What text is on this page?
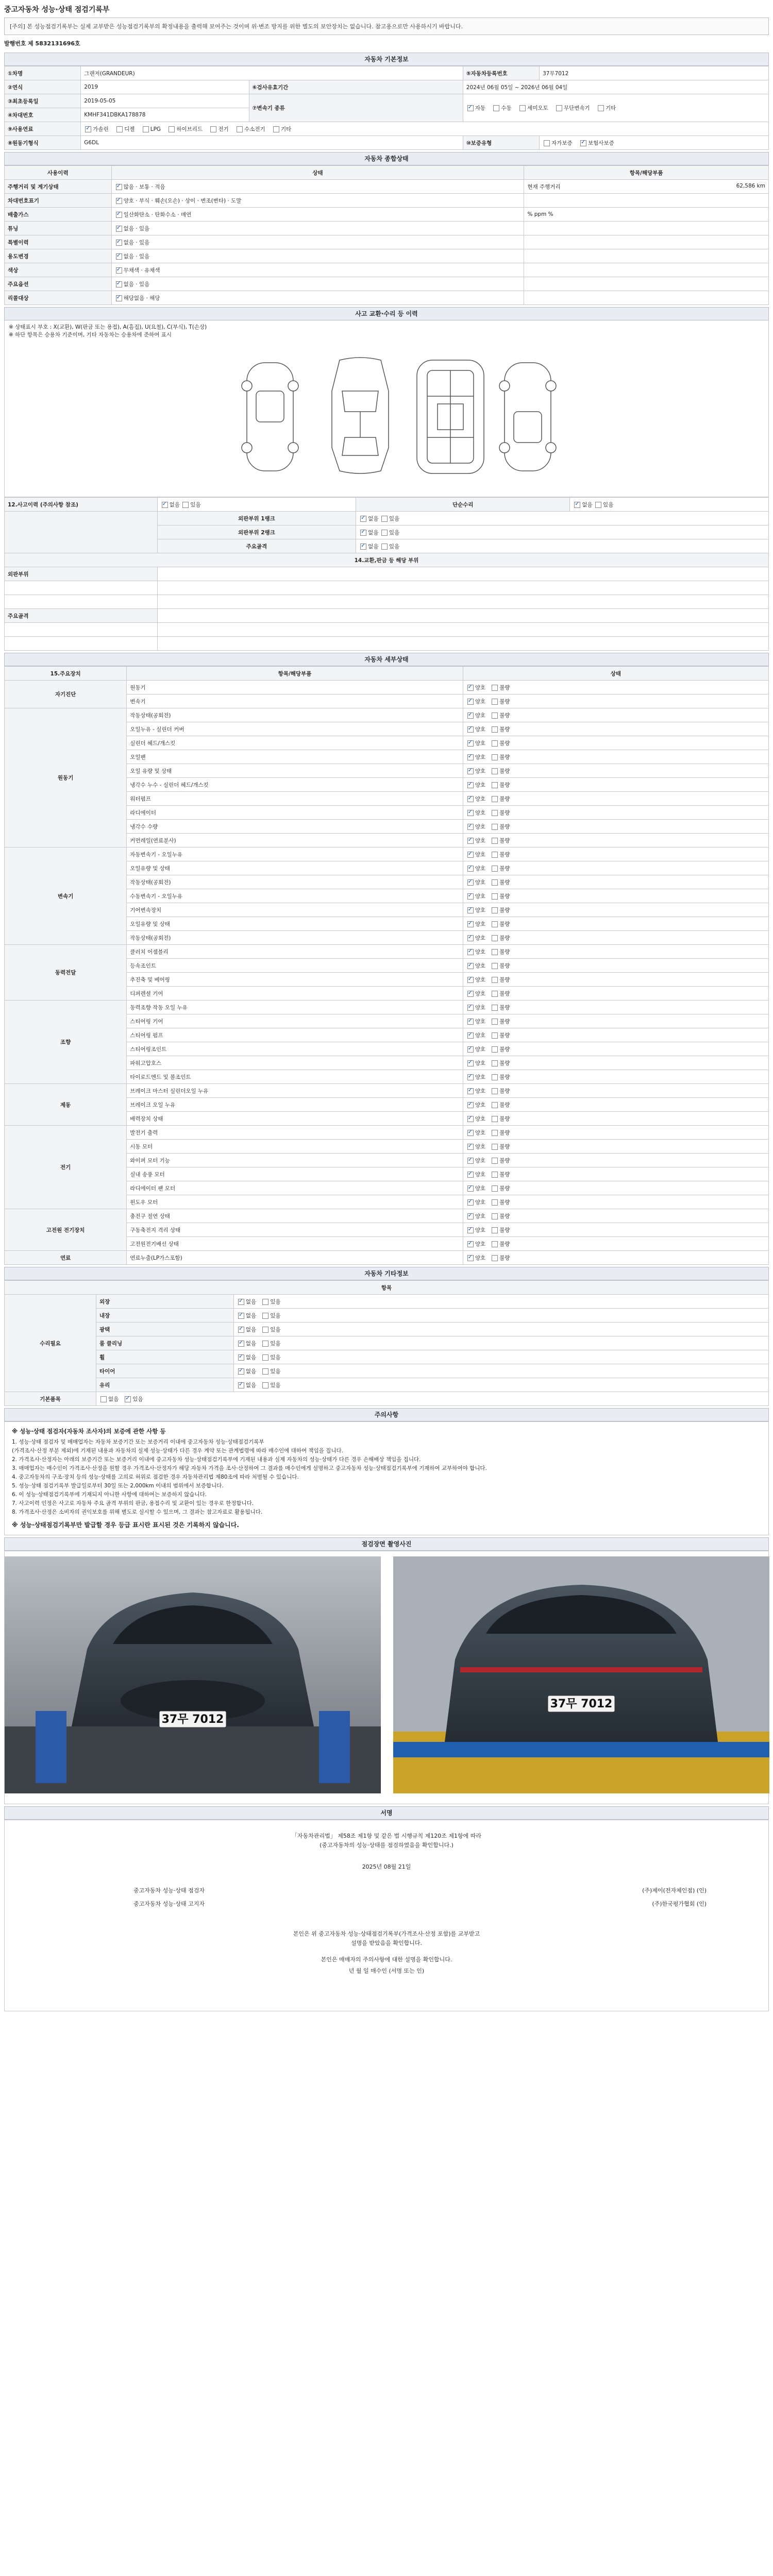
중고자동차 성능·상태 점검기록부
[주의] 본 성능점검기록부는 실제 교부받은 성능점검기록부의 확정내용을 출력해 보여주는 것이며 위·변조 방지를 위한 별도의 보안장치는 없습니다. 참고용으로만 사용하시기 바랍니다.
발행번호 제 5832131696호
자동차 기본정보
①차명	그랜저(GRANDEUR)		⑤자동차등록번호	37무7012
②연식	2019	⑥검사유효기간	2024년 06월 05일 ~ 2026년 06월 04일	
③최초등록일	2019-05-05	⑦변속기 종류	✓자동 수동 세미오토 무단변속기 기타
④차대번호	KMHF341DBKA178878			
⑨사용연료	✓가솔린 디젤 LPG 하이브리드 전기 수소전기 기타
⑧원동기형식	G6DL		⑩보증유형	자가보증 ✓ 보험사보증
자동차 종합상태
사용이력	상태	항목/해당부품
주행거리 및 계기상태	✓많음 · 보통 · 적음	현재 주행거리 62,586 km

차대번호표기	✓양호 · 부식 · 훼손(오손) · 상이 · 변조(변타) · 도말	
배출가스	✓일산화탄소 · 탄화수소 · 매연	% ppm %
튜닝	✓없음 · 있음	
특별이력	✓없음 · 있음	
용도변경	✓없음 · 있음	
색상	✓무채색 · 유채색	
주요옵션	✓없음 · 있음	
리콜대상	✓해당없음 · 해당	
사고 교환·수리 등 이력
※ 상태표시 부호 : X(교환), W(판금 또는 용접), A(흠집), U(요철), C(부식), T(손상)
※ 하단 항목은 승용차 기준이며, 기타 자동차는 승용차에 준하여 표시
12.사고이력 (주의사항 참조)	✓없음 있음	단순수리	✓없음 있음
	외판부위 1랭크	✓없음 있음
	외판부위 2랭크	✓없음 있음
	주요골격	✓없음 있음
14.교환,판금 등 해당 부위			
외판부위			

주요골격			

자동차 세부상태
15.주요장치	항목/해당부품	상태
자기진단	원동기	✓양호 불량
	변속기	✓양호 불량
원동기	작동상태(공회전)	✓양호 불량
	오일누유 - 실린더 커버	✓양호 불량
	실린더 헤드/개스킷	✓양호 불량
	오일팬	✓양호 불량
	오일 유량 및 상태	✓양호 불량
	냉각수 누수 - 실린더 헤드/개스킷	✓양호 불량
	워터펌프	✓양호 불량
	라디에이터	✓양호 불량
	냉각수 수량	✓양호 불량
	커먼레일(연료분사)	✓양호 불량
변속기	자동변속기 - 오일누유	✓양호 불량
	오일유량 및 상태	✓양호 불량
	작동상태(공회전)	✓양호 불량
	수동변속기 - 오일누유	✓양호 불량
	기어변속장치	✓양호 불량
	오일유량 및 상태	✓양호 불량
	작동상태(공회전)	✓양호 불량
동력전달	클러치 어셈블리	✓양호 불량
	등속조인트	✓양호 불량
	추진축 및 베어링	✓양호 불량
	디퍼렌셜 기어	✓양호 불량
조향	동력조향 작동 오일 누유	✓양호 불량
	스티어링 기어	✓양호 불량
	스티어링 펌프	✓양호 불량
	스티어링조인트	✓양호 불량
	파워고압호스	✓양호 불량
	타이로드엔드 및 볼조인트	✓양호 불량
제동	브레이크 마스터 실린더오일 누유	✓양호 불량
	브레이크 오일 누유	✓양호 불량
	배력장치 상태	✓양호 불량
전기	발전기 출력	✓양호 불량
	시동 모터	✓양호 불량
	와이퍼 모터 기능	✓양호 불량
	실내 송풍 모터	✓양호 불량
	라디에이터 팬 모터	✓양호 불량
	윈도우 모터	✓양호 불량
고전원 전기장치	충전구 절연 상태	✓양호 불량
	구동축전지 격리 상태	✓양호 불량
	고전원전기배선 상태	✓양호 불량
연료	연료누출(LP가스포함)	✓양호 불량
자동차 기타정보
항목		
수리필요	외장	✓없음 있음
	내장	✓없음 있음
	광택	✓없음 있음
	룸 클리닝	✓없음 있음
	휠	✓없음 있음
	타이어	✓없음 있음
	유리	✓없음 있음
기본품목	없음 ✓ 있음
주의사항
※ 성능·상태 점검자(자동차 조사자)의 보증에 관한 사항 등
1. 성능·상태 점검자 및 매매업자는 자동차 보증기간 또는 보증거리 이내에 중고자동차 성능·상태점검기록부
(가격조사·산정 부분 제외)에 기재된 내용과 자동차의 실제 성능·상태가 다른 경우 계약 또는 관계법령에 따라 매수인에 대하여 책임을 집니다.
2. 가격조사·산정자는 아래의 보증기간 또는 보증거리 이내에 중고자동차 성능·상태점검기록부에 기재된 내용과 실제 자동차의 성능·상태가 다른 경우 손해배상 책임을 집니다.
3. 매매업자는 매수인이 가격조사·산정을 원할 경우 가격조사·산정자가 해당 자동차 가격을 조사·산정하여 그 결과를 매수인에게 설명하고 중고자동차 성능·상태점검기록부에 기재하여 교부하여야 합니다.
4. 중고자동차의 구조·장치 등의 성능·상태를 고의로 허위로 점검한 경우 자동차관리법 제80조에 따라 처벌될 수 있습니다.
5. 성능·상태 점검기록부 발급일로부터 30일 또는 2,000km 이내의 범위에서 보증합니다.
6. 이 성능·상태점검기록부에 기재되지 아니한 사항에 대하여는 보증하지 않습니다.
7. 사고이력 인정은 사고로 자동차 주요 골격 부위의 판금, 용접수리 및 교환이 있는 경우로 한정합니다.
8. 가격조사·산정은 소비자의 권익보호를 위해 별도로 실시할 수 있으며, 그 결과는 참고자료로 활용됩니다.
※ 성능·상태점검기록부만 발급할 경우 등급 표시란 표시된 것은 기록하지 않습니다.
점검장면 촬영사진
37무 7012
37무 7012
서명
「자동차관리법」 제58조 제1항 및 같은 법 시행규칙 제120조 제1항에 따라
(중고자동차의 성능·상태를 점검하였음을 확인합니다.)
2025년 08월 21일
중고자동차 성능·상태 점검자	(주)제이(전자체인점) (인)
중고자동차 성능·상태 고지자	(주)한국평가협회 (인)
본인은 위 중고자동차 성능·상태점검기록부(가격조사·산정 포함)를 교부받고
설명을 받았음을 확인합니다.
본인은 매매자의 주의사항에 대한 설명을 확인합니다.
년 월 일 매수인 (서명 또는 인)
